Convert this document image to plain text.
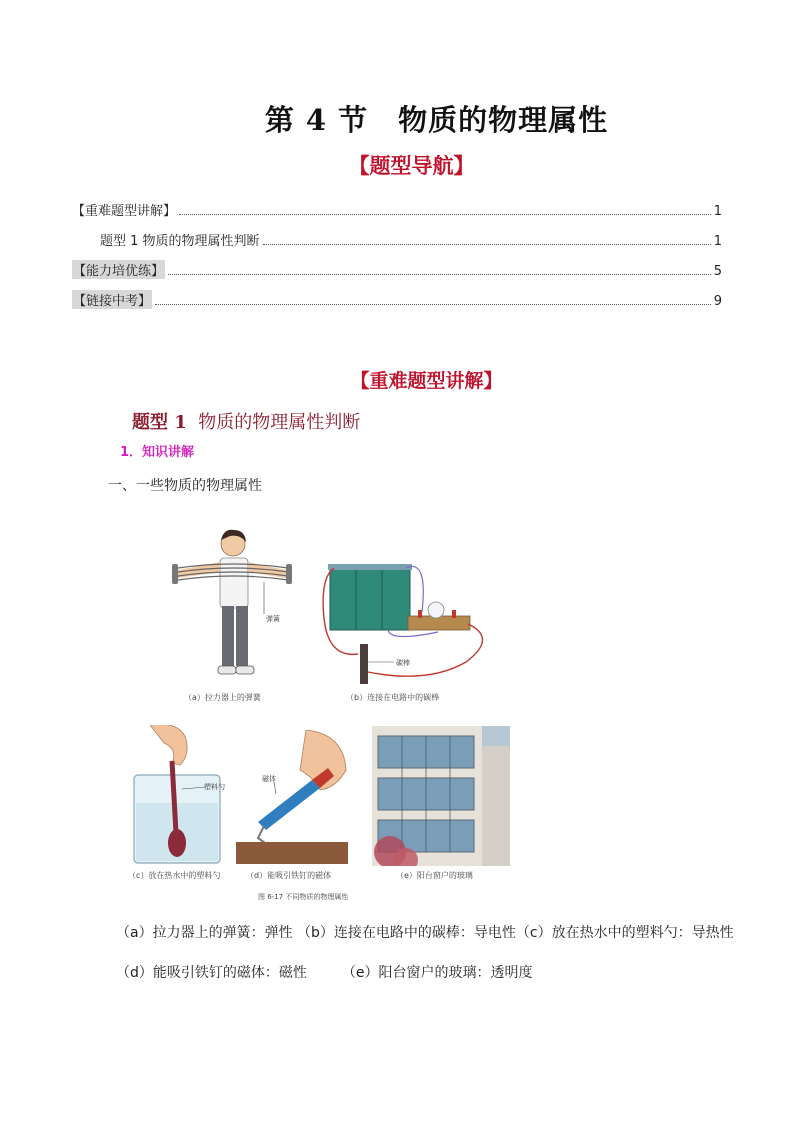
第 4 节　物质的物理属性
【题型导航】
【重难题型讲解】	1
题型 1 物质的物理属性判断	1
【能力培优练】	5
【链接中考】	9
【重难题型讲解】
题型 1 物质的物理属性判断
1．知识讲解
一、一些物质的物理属性
弹簧
（a）拉力器上的弹簧
碳棒
（b）连接在电路中的碳棒
塑料勺
（c）放在热水中的塑料勺
磁体
（d）能吸引铁钉的磁体	（e）阳台窗户的玻璃
图 6-17 不同物质的物理属性
（a）拉力器上的弹簧：弹性 （b）连接在电路中的碳棒：导电性（c）放在热水中的塑料勺：导热性
（d）能吸引铁钉的磁体：磁性　　　（e）阳台窗户的玻璃：透明度
